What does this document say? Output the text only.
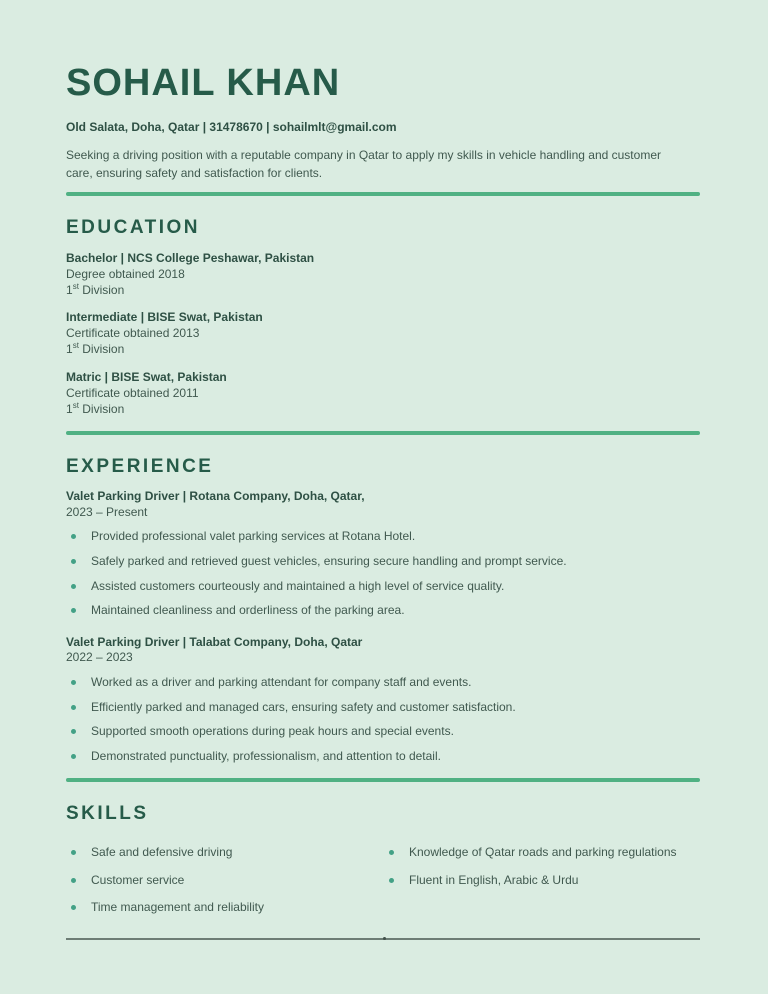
SOHAIL KHAN
Old Salata, Doha, Qatar | 31478670 | sohailmlt@gmail.com

Seeking a driving position with a reputable company in Qatar to apply my skills in vehicle handling and customer care, ensuring safety and satisfaction for clients.

EDUCATION
Bachelor | NCS College Peshawar, Pakistan
Degree obtained 2018
1st Division
Intermediate | BISE Swat, Pakistan
Certificate obtained 2013
1st Division
Matric | BISE Swat, Pakistan
Certificate obtained 2011
1st Division
EXPERIENCE
Valet Parking Driver | Rotana Company, Doha, Qatar,
2023 – Present
Provided professional valet parking services at Rotana Hotel.
Safely parked and retrieved guest vehicles, ensuring secure handling and prompt service.
Assisted customers courteously and maintained a high level of service quality.
Maintained cleanliness and orderliness of the parking area.
Valet Parking Driver | Talabat Company, Doha, Qatar
2022 – 2023
Worked as a driver and parking attendant for company staff and events.
Efficiently parked and managed cars, ensuring safety and customer satisfaction.
Supported smooth operations during peak hours and special events.
Demonstrated punctuality, professionalism, and attention to detail.
SKILLS
Safe and defensive driving
Customer service
Time management and reliability
Knowledge of Qatar roads and parking regulations
Fluent in English, Arabic & Urdu
